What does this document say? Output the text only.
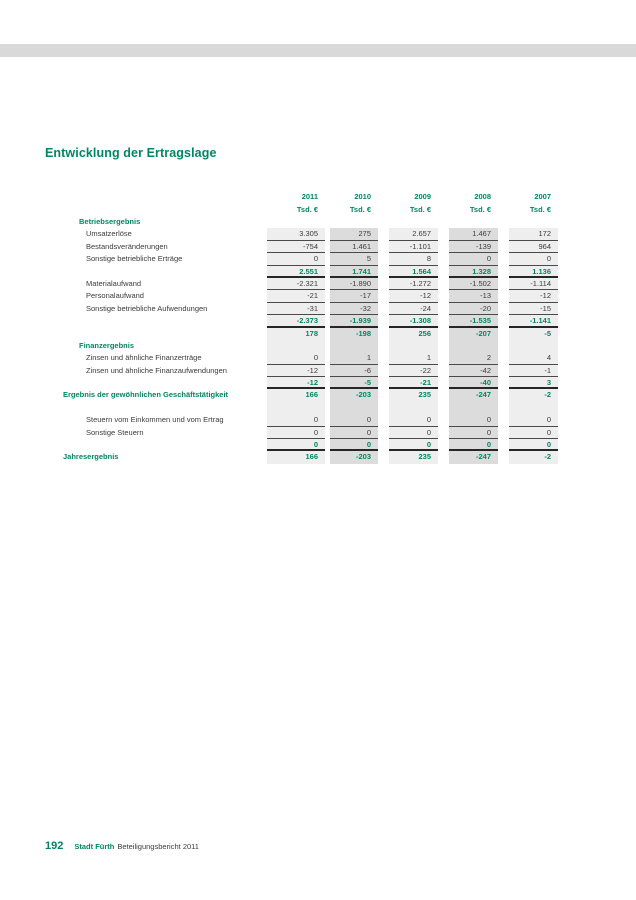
Entwicklung der Ertragslage
2011	2010	2009	2008	2007
Tsd. €	Tsd. €	Tsd. €	Tsd. €	Tsd. €
Betriebsergebnis
Umsatzerlöse	3.305	275	2.657	1.467	172
Bestandsveränderungen	-754	1.461	-1.101	-139	964
Sonstige betriebliche Erträge	0	5	8	0	0
2.551	1.741	1.564	1.328	1.136
Materialaufwand	-2.321	-1.890	-1.272	-1.502	-1.114
Personalaufwand	-21	-17	-12	-13	-12
Sonstige betriebliche Aufwendungen	-31	-32	-24	-20	-15
-2.373	-1.939	-1.308	-1.535	-1.141
178	-198	256	-207	-5
Finanzergebnis
Zinsen und ähnliche Finanzerträge	0	1	1	2	4
Zinsen und ähnliche Finanzaufwendungen	-12	-6	-22	-42	-1
-12	-5	-21	-40	3
Ergebnis der gewöhnlichen Geschäftstätigkeit	166	-203	235	-247	-2
Steuern vom Einkommen und vom Ertrag	0	0	0	0	0
Sonstige Steuern	0	0	0	0	0
0	0	0	0	0
Jahresergebnis	166	-203	235	-247	-2
192 Stadt Fürth Beteiligungsbericht 2011
